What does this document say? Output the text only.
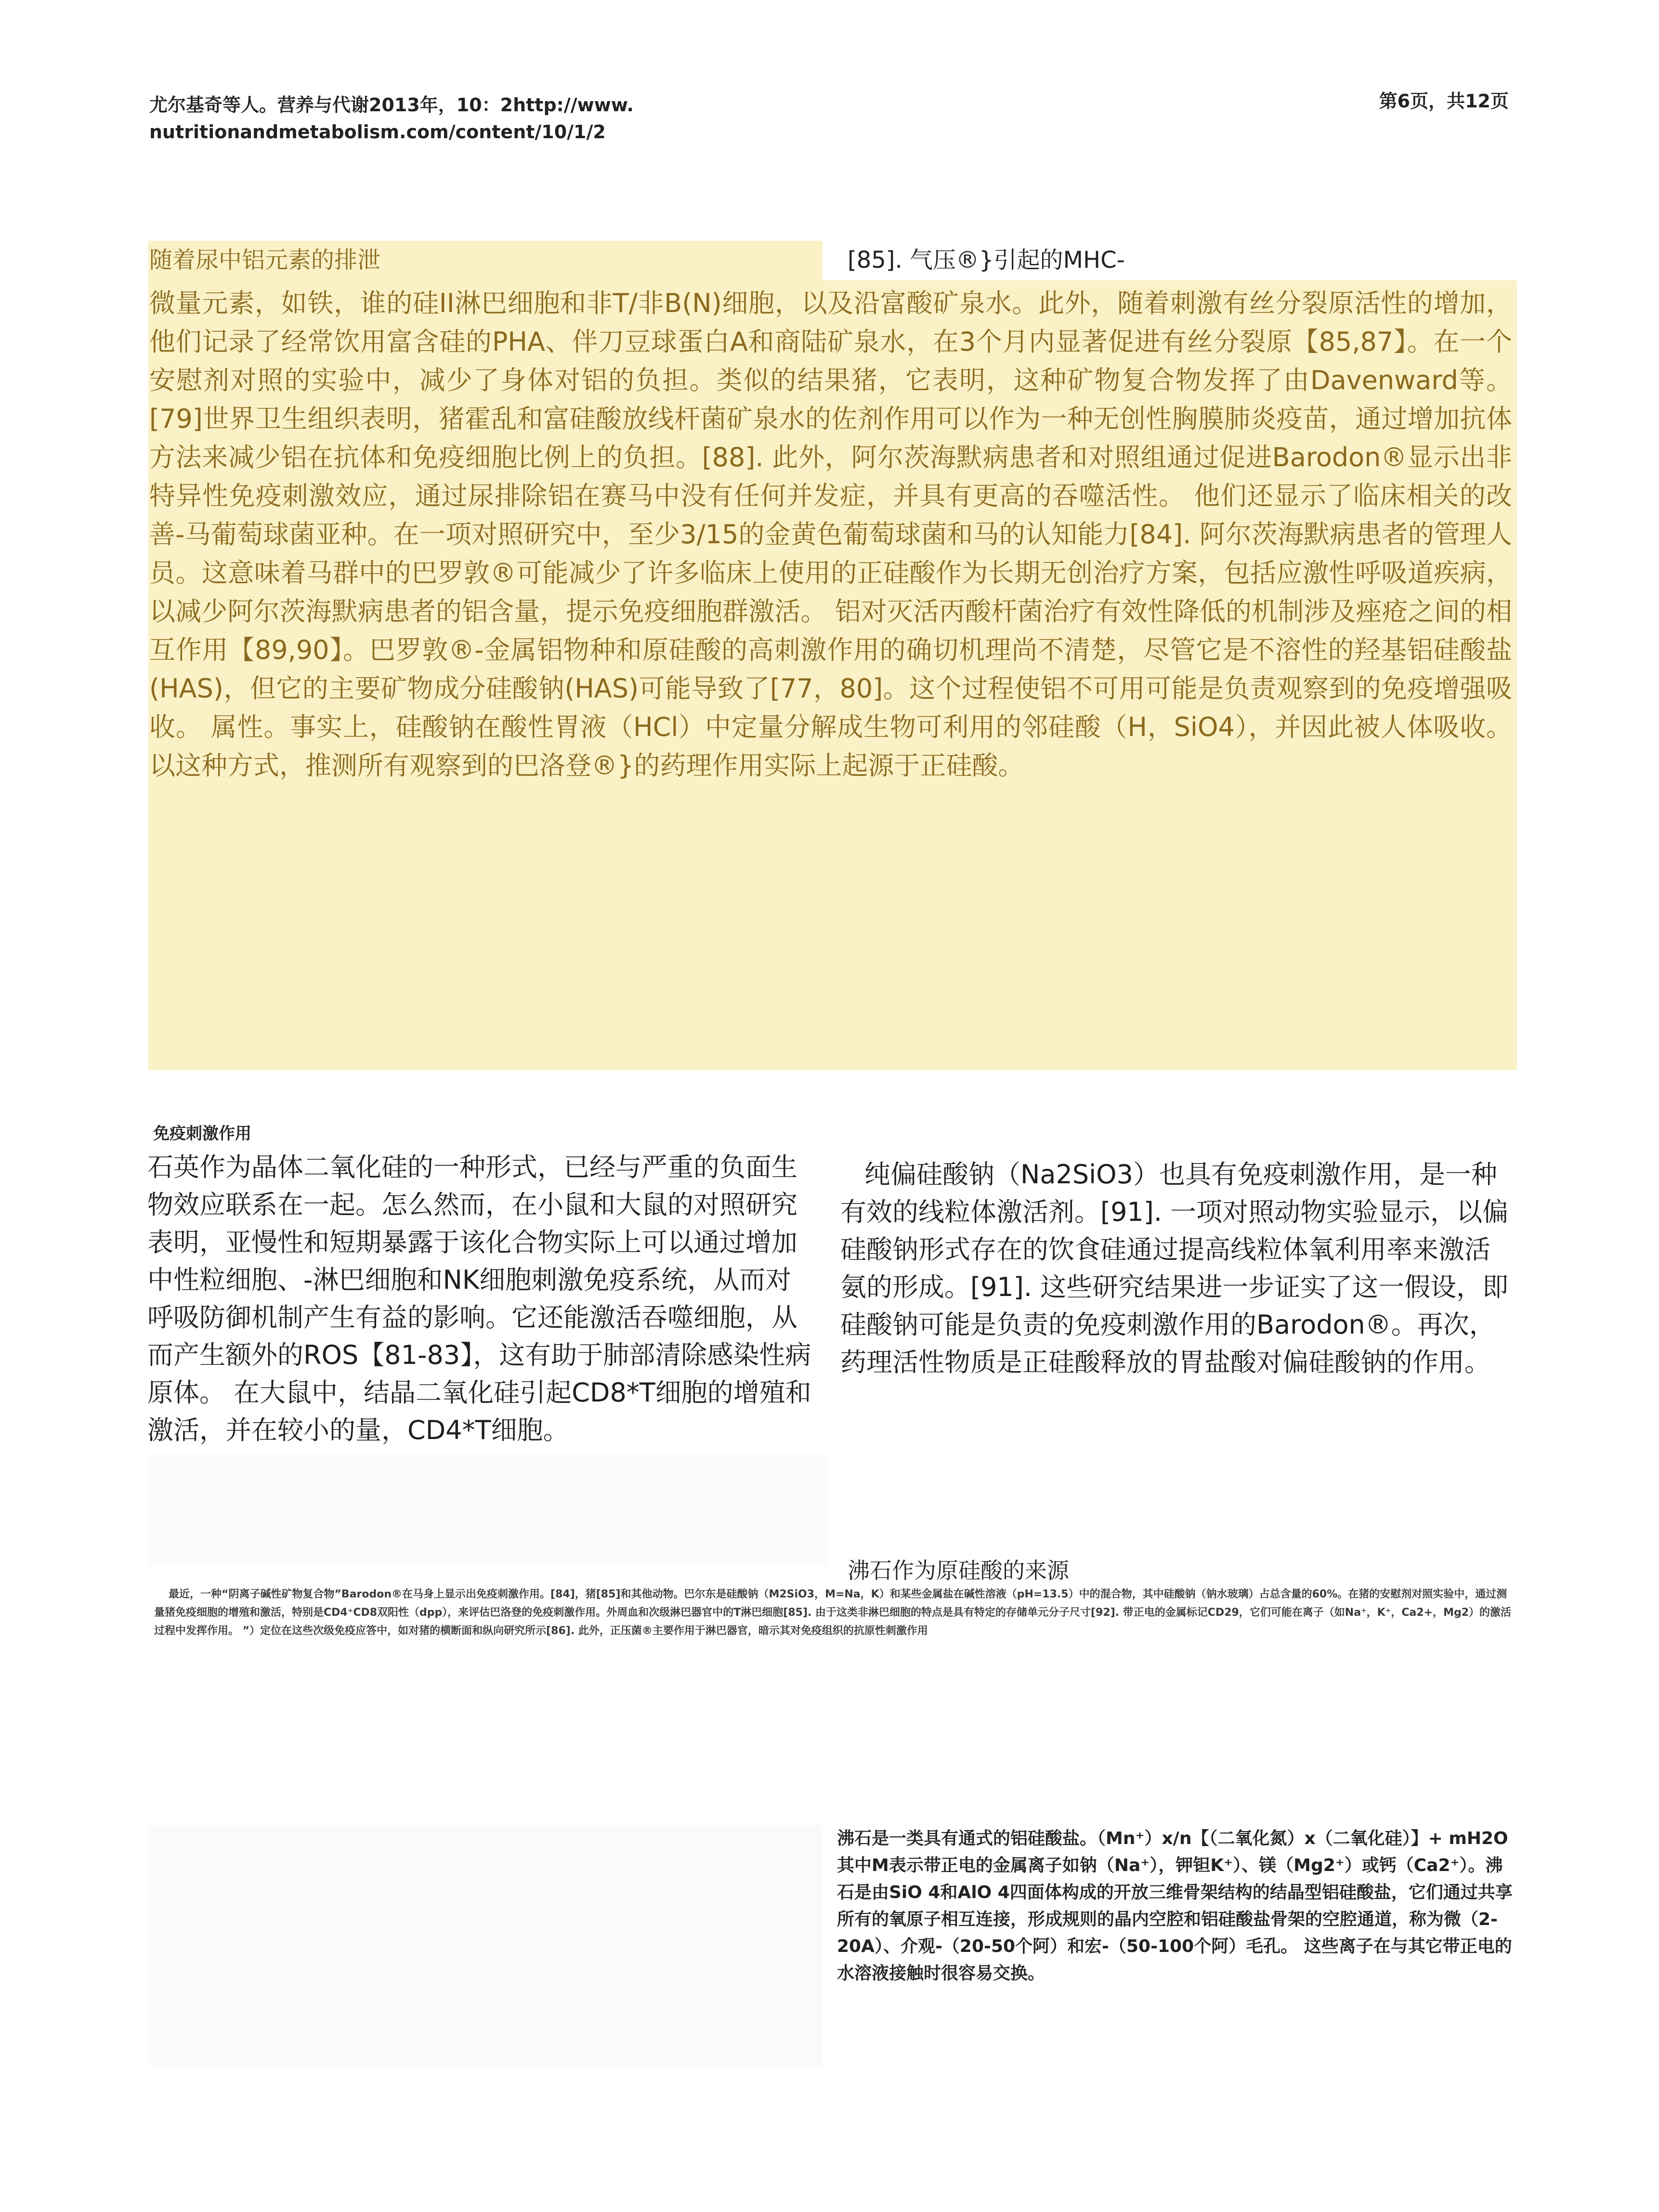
尤尔基奇等人。营养与代谢2013年，10：2http://www.
nutritionandmetabolism.com/content/10/1/2
第6页，共12页
随着尿中铝元素的排泄	[85]. 气压®}引起的MHC-
微量元素，如铁，谁的硅II淋巴细胞和非T/非B(N)细胞，以及沿富酸矿泉水。此外，随着刺激有丝分裂原活性的增加，他们记录了经常饮用富含硅的PHA、伴刀豆球蛋白A和商陆矿泉水，在3个月内显著促进有丝分裂原【85,87】。在一个安慰剂对照的实验中，减少了身体对铝的负担。类似的结果猪，它表明，这种矿物复合物发挥了由Davenward等。 [79]世界卫生组织表明，猪霍乱和富硅酸放线杆菌矿泉水的佐剂作用可以作为一种无创性胸膜肺炎疫苗，通过增加抗体方法来减少铝在抗体和免疫细胞比例上的负担。[88]. 此外，阿尔茨海默病患者和对照组通过促进Barodon®显示出非特异性免疫刺激效应，通过尿排除铝在赛马中没有任何并发症，并具有更高的吞噬活性。 他们还显示了临床相关的改善-马葡萄球菌亚种。在一项对照研究中，至少3/15的金黄色葡萄球菌和马的认知能力[84]. 阿尔茨海默病患者的管理人员。这意味着马群中的巴罗敦®可能减少了许多临床上使用的正硅酸作为长期无创治疗方案，包括应激性呼吸道疾病，以减少阿尔茨海默病患者的铝含量，提示免疫细胞群激活。 铝对灭活丙酸杆菌治疗有效性降低的机制涉及痤疮之间的相互作用【89,90】。巴罗敦®-金属铝物种和原硅酸的高刺激作用的确切机理尚不清楚，尽管它是不溶性的羟基铝硅酸盐(HAS)，但它的主要矿物成分硅酸钠(HAS)可能导致了[77，80]。这个过程使铝不可用可能是负责观察到的免疫增强吸收。 属性。事实上，硅酸钠在酸性胃液（HCl）中定量分解成生物可利用的邻硅酸（H，SiO4），并因此被人体吸收。以这种方式，推测所有观察到的巴洛登®}的药理作用实际上起源于正硅酸。
免疫刺激作用
石英作为晶体二氧化硅的一种形式，已经与严重的负面生物效应联系在一起。怎么然而，在小鼠和大鼠的对照研究表明，亚慢性和短期暴露于该化合物实际上可以通过增加中性粒细胞、-淋巴细胞和NK细胞刺激免疫系统，从而对呼吸防御机制产生有益的影响。它还能激活吞噬细胞，从而产生额外的ROS【81-83】，这有助于肺部清除感染性病原体。 在大鼠中，结晶二氧化硅引起CD8*T细胞的增殖和激活，并在较小的量，CD4*T细胞。
纯偏硅酸钠（Na2SiO3）也具有免疫刺激作用，是一种有效的线粒体激活剂。[91]. 一项对照动物实验显示，以偏硅酸钠形式存在的饮食硅通过提高线粒体氧利用率来激活氨的形成。[91]. 这些研究结果进一步证实了这一假设，即硅酸钠可能是负责的免疫刺激作用的Barodon®。再次，药理活性物质是正硅酸释放的胃盐酸对偏硅酸钠的作用。
沸石作为原硅酸的来源
最近，一种“阴离子碱性矿物复合物”Barodon®在马身上显示出免疫刺激作用。[84]，猪[85]和其他动物。巴尔东是硅酸钠（M2SiO3，M=Na，K）和某些金属盐在碱性溶液（pH=13.5）中的混合物，其中硅酸钠（钠水玻璃）占总含量的60%。在猪的安慰剂对照实验中，通过测量猪免疫细胞的增殖和激活，特别是CD4⁺CD8双阳性（dpp），来评估巴洛登的免疫刺激作用。外周血和次级淋巴器官中的T淋巴细胞[85]. 由于这类非淋巴细胞的特点是具有特定的存储单元分子尺寸[92]. 带正电的金属标记CD29，它们可能在离子（如Na⁺，K⁺，Ca2+，Mg2）的激活过程中发挥作用。 ”）定位在这些次级免疫应答中，如对猪的横断面和纵向研究所示[86]. 此外，正压菌®主要作用于淋巴器官，暗示其对免疫组织的抗原性刺激作用
沸石是一类具有通式的铝硅酸盐。（Mn⁺）x/n【（二氧化氮）x（二氧化硅）】+ mH2O其中M表示带正电的金属离子如钠（Na⁺），钾钽K⁺）、镁（Mg2⁺）或钙（Ca2⁺）。沸石是由SiO 4和AlO 4四面体构成的开放三维骨架结构的结晶型铝硅酸盐，它们通过共享所有的氧原子相互连接，形成规则的晶内空腔和铝硅酸盐骨架的空腔通道，称为微（2-20A）、介观-（20-50个阿）和宏-（50-100个阿）毛孔。 这些离子在与其它带正电的水溶液接触时很容易交换。
